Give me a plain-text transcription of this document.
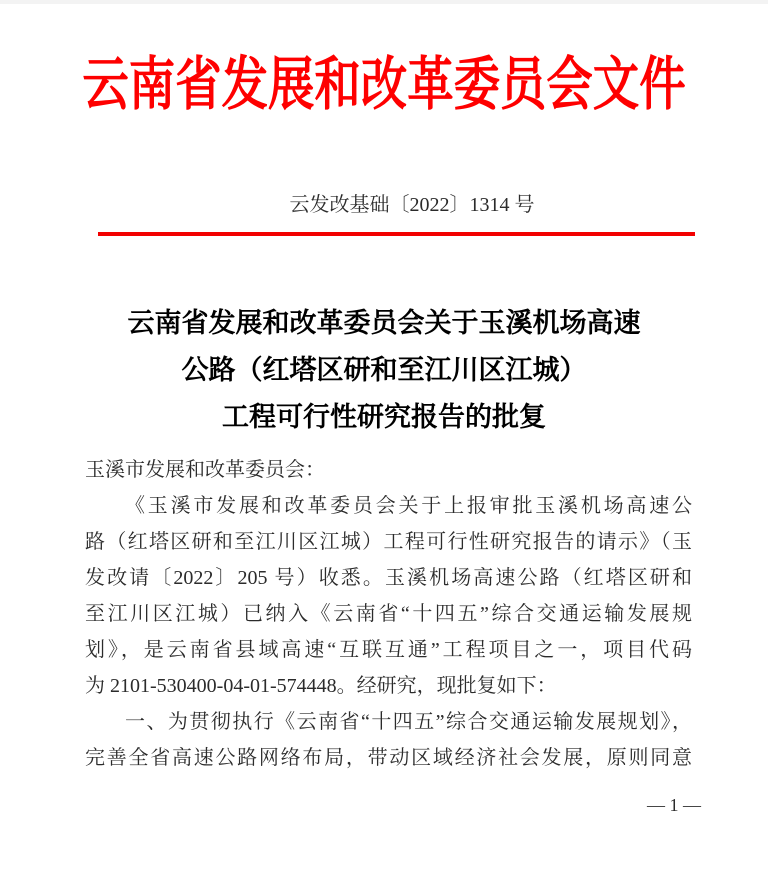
云南省发展和改革委员会文件
云发改基础〔2022〕1314 号
云南省发展和改革委员会关于玉溪机场高速
公路（红塔区研和至江川区江城）
工程可行性研究报告的批复
玉溪市发展和改革委员会：
《玉溪市发展和改革委员会关于上报审批玉溪机场高速公
路（红塔区研和至江川区江城）工程可行性研究报告的请示》（玉
发改请〔2022〕205 号）收悉。玉溪机场高速公路（红塔区研和
至江川区江城）已纳入《云南省“十四五”综合交通运输发展规
划》，是云南省县域高速“互联互通”工程项目之一，项目代码
为 2101-530400-04-01-574448。经研究，现批复如下：
一、为贯彻执行《云南省“十四五”综合交通运输发展规划》，
完善全省高速公路网络布局，带动区域经济社会发展，原则同意
— 1 —
